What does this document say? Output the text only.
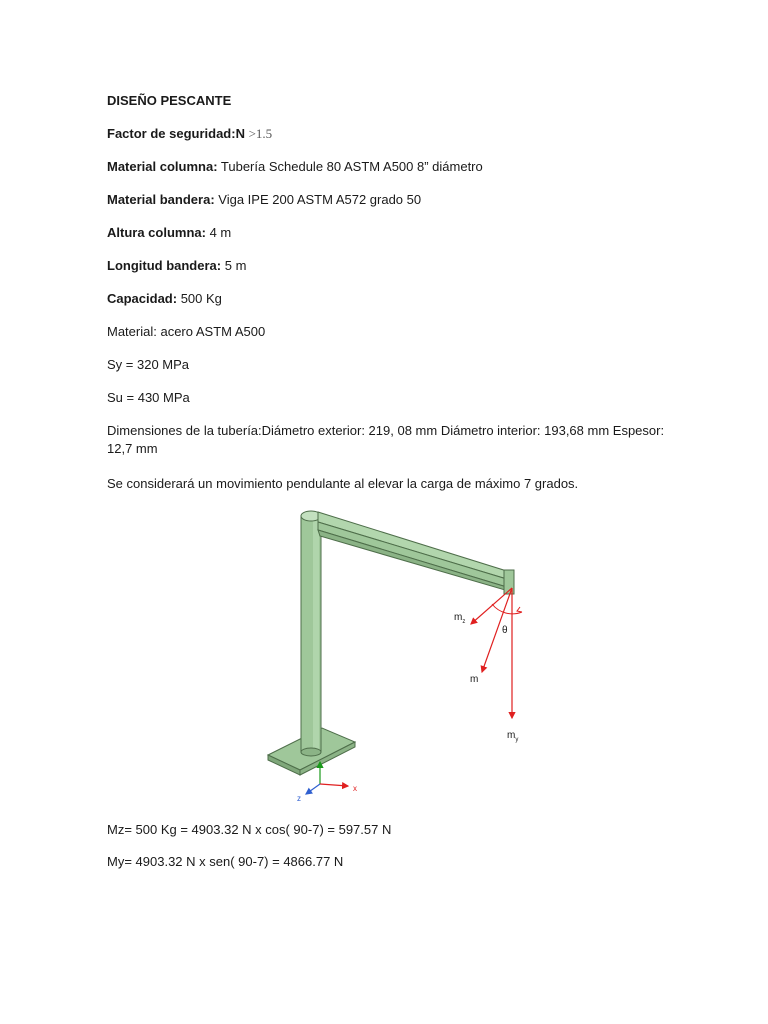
DISEÑO PESCANTE
Factor de seguridad:N >1.5
Material columna: Tubería Schedule 80 ASTM A500 8” diámetro
Material bandera: Viga IPE 200 ASTM A572 grado 50
Altura columna: 4 m
Longitud bandera: 5 m
Capacidad: 500 Kg
Material: acero ASTM A500
Sy = 320 MPa
Su = 430 MPa
Dimensiones de la tubería:Diámetro exterior: 219, 08 mm Diámetro interior: 193,68 mm Espesor: 12,7 mm
Se considerará un movimiento pendulante al elevar la carga de máximo 7 grados.
$m_z$
θ
m
$m_y$
x
z
Mz= 500 Kg = 4903.32 N x cos( 90-7) = 597.57 N
My= 4903.32 N x sen( 90-7) = 4866.77 N
